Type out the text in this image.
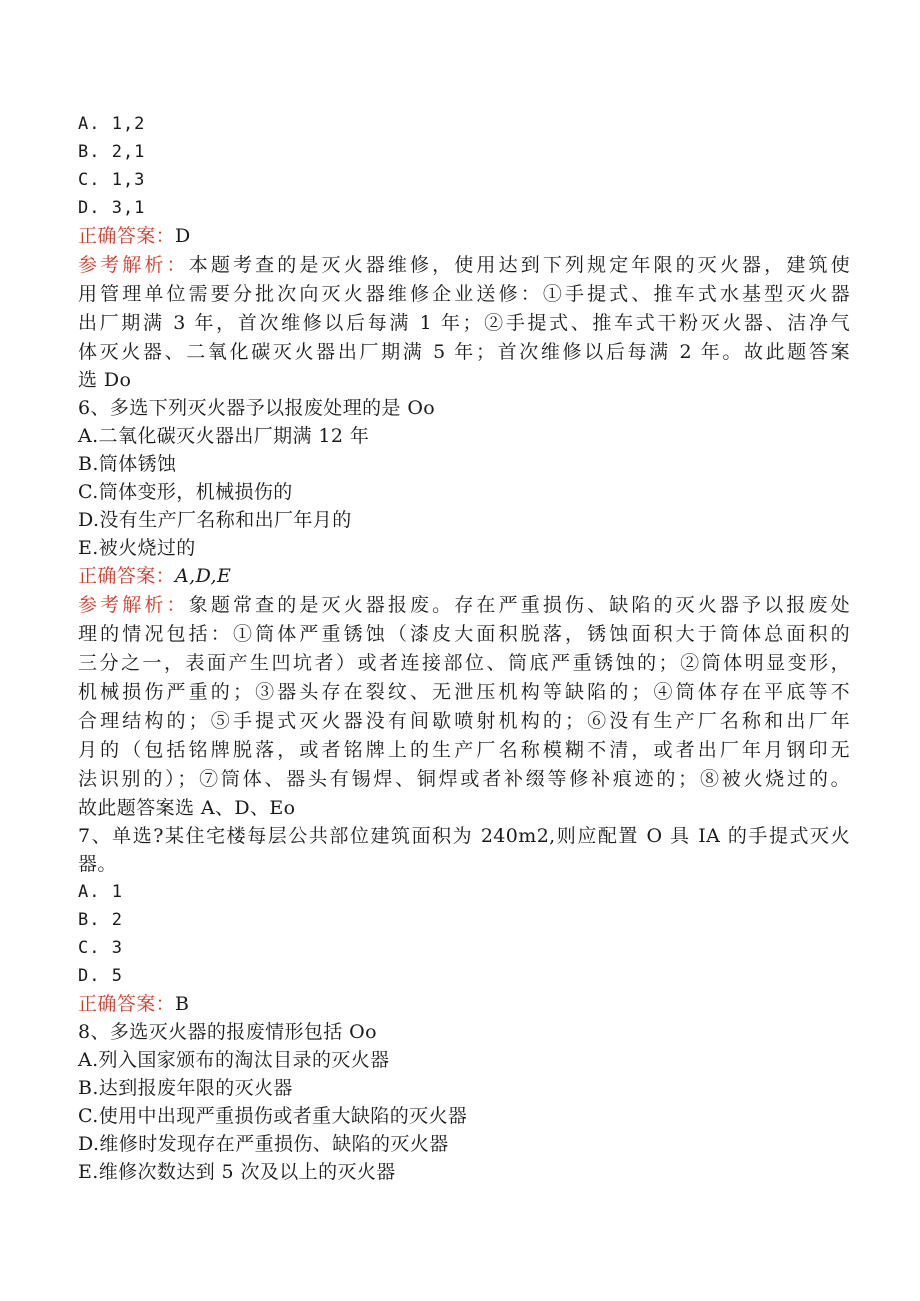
A. 1,2
B. 2,1
C. 1,3
D. 3,1
正确答案：D
参考解析：本题考查的是灭火器维修，使用达到下列规定年限的灭火器，建筑使
用管理单位需要分批次向灭火器维修企业送修：①手提式、推车式水基型灭火器
出厂期满 3 年，首次维修以后每满 1 年；②手提式、推车式干粉灭火器、洁净气
体灭火器、二氧化碳灭火器出厂期满 5 年；首次维修以后每满 2 年。故此题答案
选 Do
6、多选下列灭火器予以报废处理的是 Oo
A.二氧化碳灭火器出厂期满 12 年
B.筒体锈蚀
C.筒体变形，机械损伤的
D.没有生产厂名称和出厂年月的
E.被火烧过的
正确答案：A,D,E
参考解析：象题常查的是灭火器报废。存在严重损伤、缺陷的灭火器予以报废处
理的情况包括：①筒体严重锈蚀（漆皮大面积脱落，锈蚀面积大于筒体总面积的
三分之一，表面产生凹坑者）或者连接部位、筒底严重锈蚀的；②筒体明显变形，
机械损伤严重的；③器头存在裂纹、无泄压机构等缺陷的；④筒体存在平底等不
合理结构的；⑤手提式灭火器没有间歇喷射机构的；⑥没有生产厂名称和出厂年
月的（包括铭牌脱落，或者铭牌上的生产厂名称模糊不清，或者出厂年月钢印无
法识别的）；⑦筒体、器头有锡焊、铜焊或者补缀等修补痕迹的；⑧被火烧过的。
故此题答案选 A、D、Eo
7、单选?某住宅楼每层公共部位建筑面积为 240m2,则应配置 O 具 IA 的手提式灭火
器。
A. 1
B. 2
C. 3
D. 5
正确答案：B
8、多选灭火器的报废情形包括 Oo
A.列入国家颁布的淘汰目录的灭火器
B.达到报废年限的灭火器
C.使用中出现严重损伤或者重大缺陷的灭火器
D.维修时发现存在严重损伤、缺陷的灭火器
E.维修次数达到 5 次及以上的灭火器
